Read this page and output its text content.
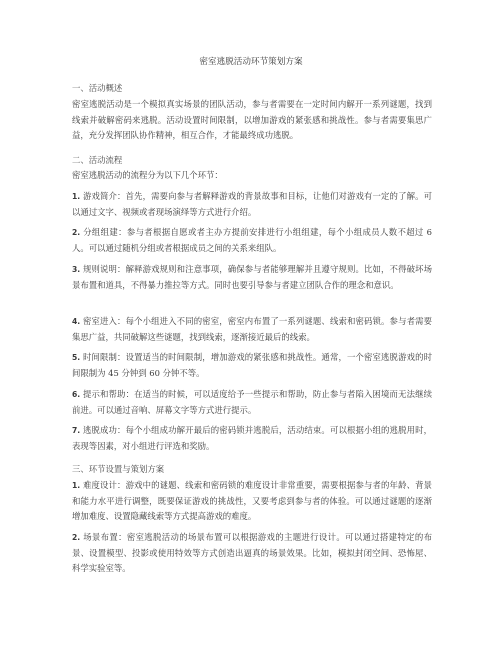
密室逃脱活动环节策划方案
一、活动概述

密室逃脱活动是一个模拟真实场景的团队活动，参与者需要在一定时间内解开一系列谜题，找到线索并破解密码来逃脱。活动设置时间限制，以增加游戏的紧张感和挑战性。参与者需要集思广益，充分发挥团队协作精神，相互合作，才能最终成功逃脱。

二、活动流程

密室逃脱活动的流程分为以下几个环节：

1. 游戏简介：首先，需要向参与者解释游戏的背景故事和目标，让他们对游戏有一定的了解。可以通过文字、视频或者现场演绎等方式进行介绍。

2. 分组组建：参与者根据自愿或者主办方提前安排进行小组组建，每个小组成员人数不超过 6 人。可以通过随机分组或者根据成员之间的关系来组队。

3. 规则说明：解释游戏规则和注意事项，确保参与者能够理解并且遵守规则。比如，不得破坏场景布置和道具，不得暴力推拉等方式。同时也要引导参与者建立团队合作的理念和意识。

4. 密室进入：每个小组进入不同的密室，密室内布置了一系列谜题、线索和密码锁。参与者需要集思广益，共同破解这些谜题，找到线索，逐渐接近最后的线索。

5. 时间限制：设置适当的时间限制，增加游戏的紧张感和挑战性。通常，一个密室逃脱游戏的时间限制为 45 分钟到 60 分钟不等。

6. 提示和帮助：在适当的时候，可以适度给予一些提示和帮助，防止参与者陷入困境而无法继续前进。可以通过音响、屏幕文字等方式进行提示。

7. 逃脱成功：每个小组成功解开最后的密码锁并逃脱后，活动结束。可以根据小组的逃脱用时，表现等因素，对小组进行评选和奖励。

三、环节设置与策划方案

1. 难度设计：游戏中的谜题、线索和密码锁的难度设计非常重要，需要根据参与者的年龄、背景和能力水平进行调整，既要保证游戏的挑战性，又要考虑到参与者的体验。可以通过谜题的逐渐增加难度、设置隐藏线索等方式提高游戏的难度。

2. 场景布置：密室逃脱活动的场景布置可以根据游戏的主题进行设计。可以通过搭建特定的布景、设置模型、投影或使用特效等方式创造出逼真的场景效果。比如，模拟封闭空间、恐怖屋、科学实验室等。
